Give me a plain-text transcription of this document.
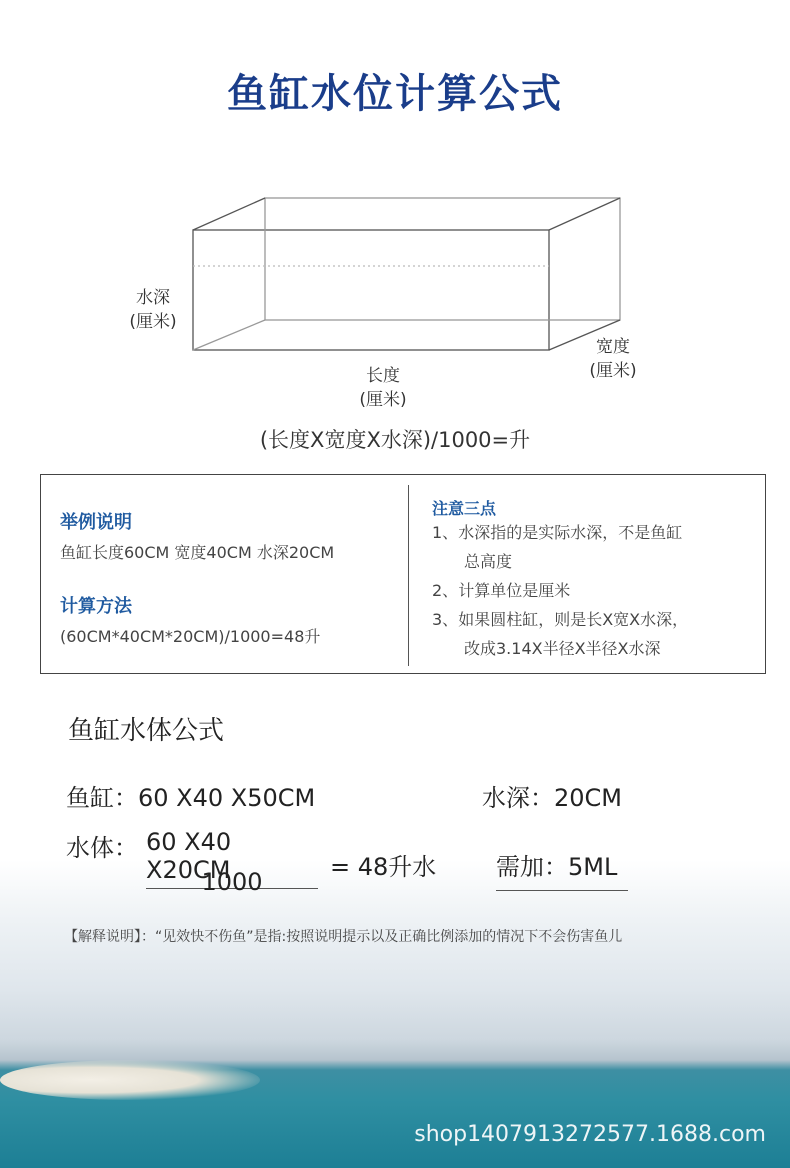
鱼缸水位计算公式
水深
(厘米)
长度
(厘米)
宽度
(厘米)
(长度X宽度X水深)/1000=升
举例说明
鱼缸长度60CM 宽度40CM 水深20CM
计算方法
(60CM*40CM*20CM)/1000=48升
注意三点
1、水深指的是实际水深，不是鱼缸
总高度
2、计算单位是厘米
3、如果圆柱缸，则是长X宽X水深，
改成3.14X半径X半径X水深
鱼缸水体公式
鱼缸：60 X40 X50CM	水深：20CM
水体： 60 X40 X20CM
1000
= 48升水 需加：5ML
【解释说明】：“见效快不伤鱼”是指:按照说明提示以及正确比例添加的情况下不会伤害鱼儿
shop1407913272577.1688.com
